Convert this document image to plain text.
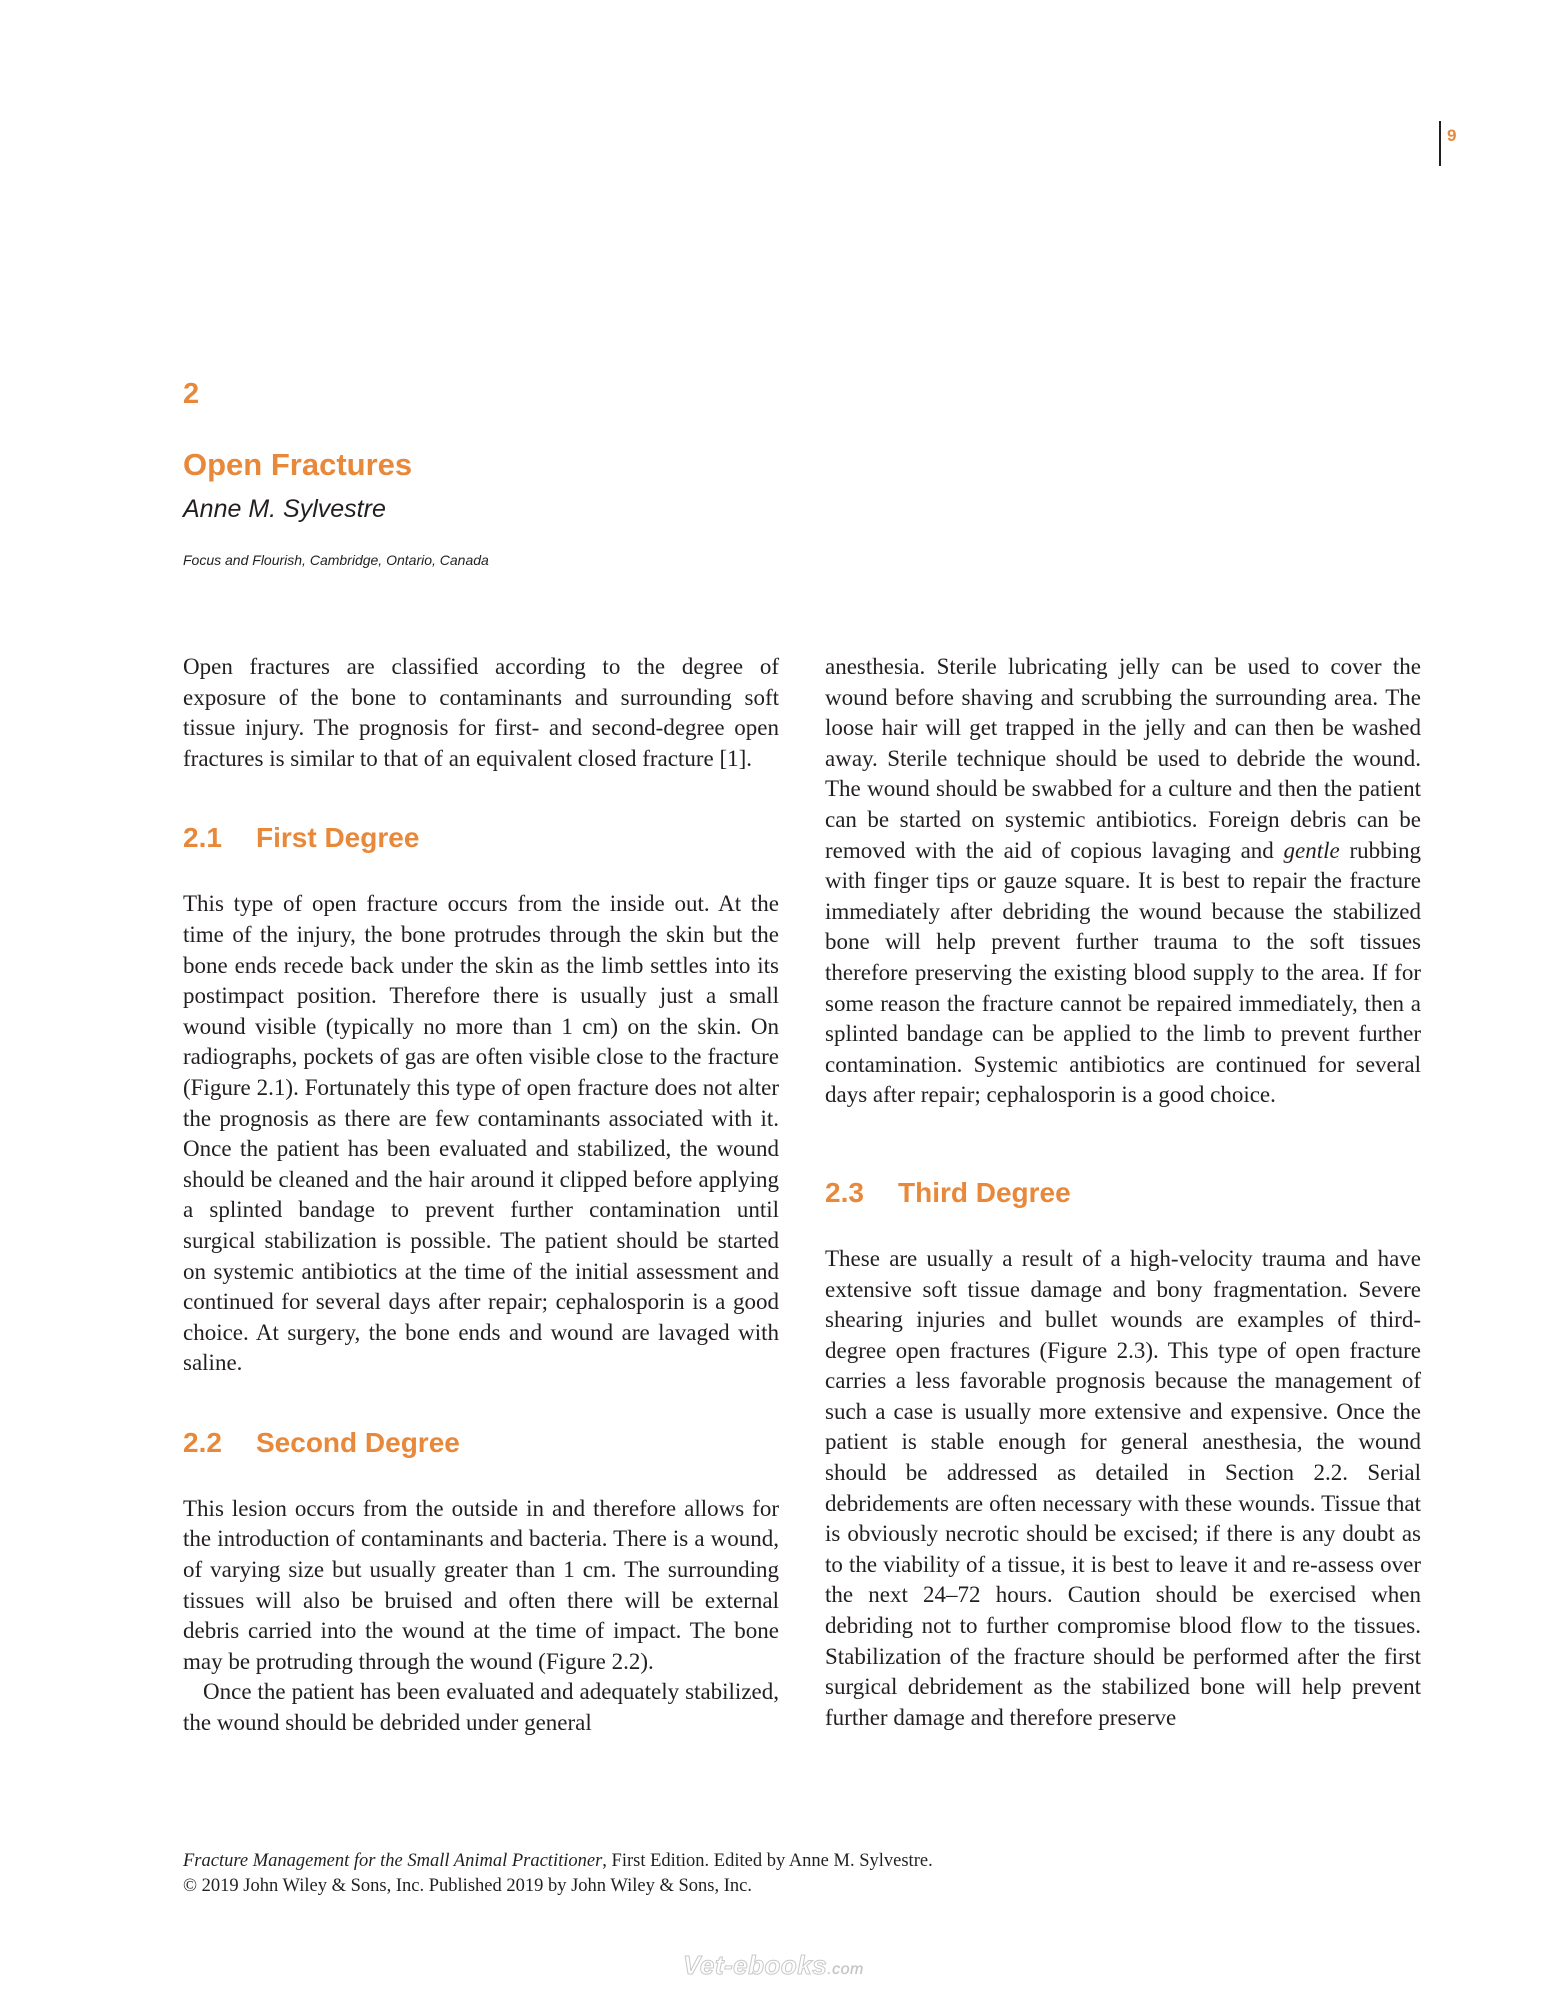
9
2
Open Fractures
Anne M. Sylvestre
Focus and Flourish, Cambridge, Ontario, Canada

Open fractures are classified according to the degree of exposure of the bone to contaminants and surrounding soft tissue injury. The prognosis for first- and second-degree open fractures is similar to that of an equivalent closed fracture [1].

2.1	First Degree

This type of open fracture occurs from the inside out. At the time of the injury, the bone protrudes through the skin but the bone ends recede back under the skin as the limb settles into its postimpact position. Therefore there is usually just a small wound visible (typically no more than 1 cm) on the skin. On radiographs, pockets of gas are often visible close to the fracture (Figure 2.1). Fortunately this type of open fracture does not alter the prognosis as there are few contaminants associated with it. Once the patient has been evaluated and stabilized, the wound should be cleaned and the hair around it clipped before applying a splinted bandage to prevent further contamination until surgical stabilization is possible. The patient should be started on systemic antibiotics at the time of the initial assessment and continued for several days after repair; cephalosporin is a good choice. At surgery, the bone ends and wound are lavaged with saline.

2.2	Second Degree

This lesion occurs from the outside in and therefore allows for the introduction of contaminants and bacteria. There is a wound, of varying size but usually greater than 1 cm. The surrounding tissues will also be bruised and often there will be external debris carried into the wound at the time of impact. The bone may be protruding through the wound (Figure 2.2).

Once the patient has been evaluated and adequately stabilized, the wound should be debrided under general

anesthesia. Sterile lubricating jelly can be used to cover the wound before shaving and scrubbing the surrounding area. The loose hair will get trapped in the jelly and can then be washed away. Sterile technique should be used to debride the wound. The wound should be swabbed for a culture and then the patient can be started on systemic antibiotics. Foreign debris can be removed with the aid of copious lavaging and gentle rubbing with finger tips or gauze square. It is best to repair the fracture immediately after debriding the wound because the stabilized bone will help prevent further trauma to the soft tissues therefore preserving the existing blood supply to the area. If for some reason the fracture cannot be repaired immediately, then a splinted bandage can be applied to the limb to prevent further contamination. Systemic antibiotics are continued for several days after repair; cephalosporin is a good choice.

2.3	Third Degree

These are usually a result of a high-velocity trauma and have extensive soft tissue damage and bony fragmentation. Severe shearing injuries and bullet wounds are examples of third-degree open fractures (Figure 2.3). This type of open fracture carries a less favorable prognosis because the management of such a case is usually more extensive and expensive. Once the patient is stable enough for general anesthesia, the wound should be addressed as detailed in Section 2.2. Serial debridements are often necessary with these wounds. Tissue that is obviously necrotic should be excised; if there is any doubt as to the viability of a tissue, it is best to leave it and re-assess over the next 24–72 hours. Caution should be exercised when debriding not to further compromise blood flow to the tissues. Stabilization of the fracture should be performed after the first surgical debridement as the stabilized bone will help prevent further damage and therefore preserve

Fracture Management for the Small Animal Practitioner, First Edition. Edited by Anne M. Sylvestre.
© 2019 John Wiley & Sons, Inc. Published 2019 by John Wiley & Sons, Inc.
Vet-ebooks.com
